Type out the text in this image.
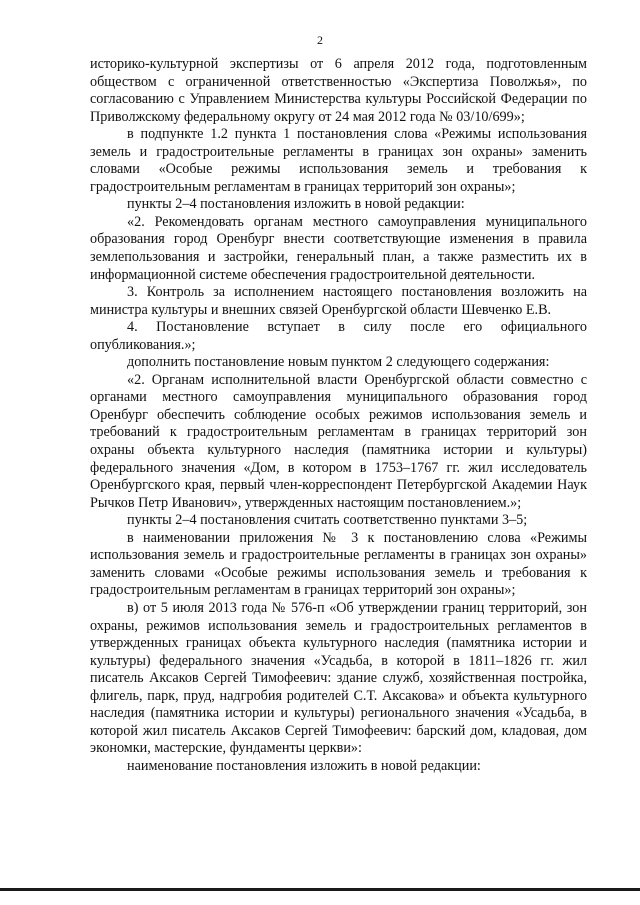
2

историко-культурной экспертизы от 6 апреля 2012 года, подготовленным обществом с ограниченной ответственностью «Экспертиза Поволжья», по согласованию с Управлением Министерства культуры Российской Федерации по Приволжскому федеральному округу от 24 мая 2012 года № 03/10/699»;

в подпункте 1.2 пункта 1 постановления слова «Режимы использования земель и градостроительные регламенты в границах зон охраны» заменить словами «Особые режимы использования земель и требования к градостроительным регламентам в границах территорий зон охраны»;

пункты 2–4 постановления изложить в новой редакции:

«2. Рекомендовать органам местного самоуправления муниципального образования город Оренбург внести соответствующие изменения в правила землепользования и застройки, генеральный план, а также разместить их в информационной системе обеспечения градостроительной деятельности.

3. Контроль за исполнением настоящего постановления возложить на министра культуры и внешних связей Оренбургской области Шевченко Е.В.

4. Постановление вступает в силу после его официального опубликования.»;

дополнить постановление новым пунктом 2 следующего содержания:

«2. Органам исполнительной власти Оренбургской области совместно с органами местного самоуправления муниципального образования город Оренбург обеспечить соблюдение особых режимов использования земель и требований к градостроительным регламентам в границах территорий зон охраны объекта культурного наследия (памятника истории и культуры) федерального значения «Дом, в котором в 1753–1767 гг. жил исследователь Оренбургского края, первый член-корреспондент Петербургской Академии Наук Рычков Петр Иванович», утвержденных настоящим постановлением.»;

пункты 2–4 постановления считать соответственно пунктами 3–5;

в наименовании приложения № 3 к постановлению слова «Режимы использования земель и градостроительные регламенты в границах зон охраны» заменить словами «Особые режимы использования земель и требования к градостроительным регламентам в границах территорий зон охраны»;

в) от 5 июля 2013 года № 576-п «Об утверждении границ территорий, зон охраны, режимов использования земель и градостроительных регламентов в утвержденных границах объекта культурного наследия (памятника истории и культуры) федерального значения «Усадьба, в которой в 1811–1826 гг. жил писатель Аксаков Сергей Тимофеевич: здание служб, хозяйственная постройка, флигель, парк, пруд, надгробия родителей С.Т. Аксакова» и объекта культурного наследия (памятника истории и культуры) регионального значения «Усадьба, в которой жил писатель Аксаков Сергей Тимофеевич: барский дом, кладовая, дом экономки, мастерские, фундаменты церкви»:

наименование постановления изложить в новой редакции:
